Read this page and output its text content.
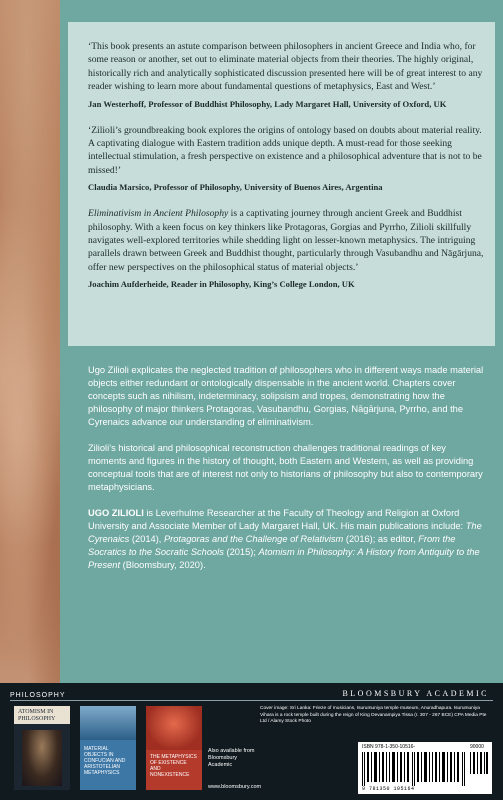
‘This book presents an astute comparison between philosophers in ancient Greece and India who, for some reason or another, set out to eliminate material objects from their theories. The highly original, historically rich and analytically sophisticated discussion presented here will be of great interest to any reader wishing to learn more about fundamental questions of metaphysics, East and West.’

Jan Westerhoff, Professor of Buddhist Philosophy, Lady Margaret Hall, University of Oxford, UK

‘Zilioli’s groundbreaking book explores the origins of ontology based on doubts about material reality. A captivating dialogue with Eastern tradition adds unique depth. A must-read for those seeking intellectual stimulation, a fresh perspective on existence and a philosophical adventure that is not to be missed!’

Claudia Marsico, Professor of Philosophy, University of Buenos Aires, Argentina

Eliminativism in Ancient Philosophy is a captivating journey through ancient Greek and Buddhist philosophy. With a keen focus on key thinkers like Protagoras, Gorgias and Pyrrho, Zilioli skillfully navigates well-explored territories while shedding light on lesser-known metaphysics. The intriguing parallels drawn between Greek and Buddhist thought, particularly through Vasubandhu and Nāgārjuna, offer new perspectives on the philosophical status of material objects.’

Joachim Aufderheide, Reader in Philosophy, King’s College London, UK

Ugo Zilioli explicates the neglected tradition of philosophers who in different ways made material objects either redundant or ontologically dispensable in the ancient world. Chapters cover concepts such as nihilism, indeterminacy, solipsism and tropes, demonstrating how the philosophy of major thinkers Protagoras, Vasubandhu, Gorgias, Nāgārjuna, Pyrrho, and the Cyrenaics advance our understanding of eliminativism.

Zilioli’s historical and philosophical reconstruction challenges traditional readings of key moments and figures in the history of thought, both Eastern and Western, as well as providing conceptual tools that are of interest not only to historians of philosophy but also to contemporary metaphysicians.

UGO ZILIOLI is Leverhulme Researcher at the Faculty of Theology and Religion at Oxford University and Associate Member of Lady Margaret Hall, UK. His main publications include: The Cyrenaics (2014), Protagoras and the Challenge of Relativism (2016); as editor, From the Socratics to the Socratic Schools (2015); Atomism in Philosophy: A History from Antiquity to the Present (Bloomsbury, 2020).

PHILOSOPHY	BLOOMSBURY ACADEMIC
ATOMISM IN PHILOSOPHY
MATERIAL OBJECTS IN CONFUCIAN AND ARISTOTELIAN METAPHYSICS
THE METAPHYSICS OF EXISTENCE AND NONEXISTENCE
Also available from Bloomsbury Academic
www.bloomsbury.com
Cover image: Sri Lanka: Frieze of musicians, Isurumuniya temple museum, Anuradhapura. Isurumuniya Vihara is a rock temple built during the reign of King Devanampiya Tissa (r. 307 - 267 BCE) CPA Media Pte Ltd / Alamy Stock Photo
ISBN 978-1-350-10516-	90000
9 781350 105164
